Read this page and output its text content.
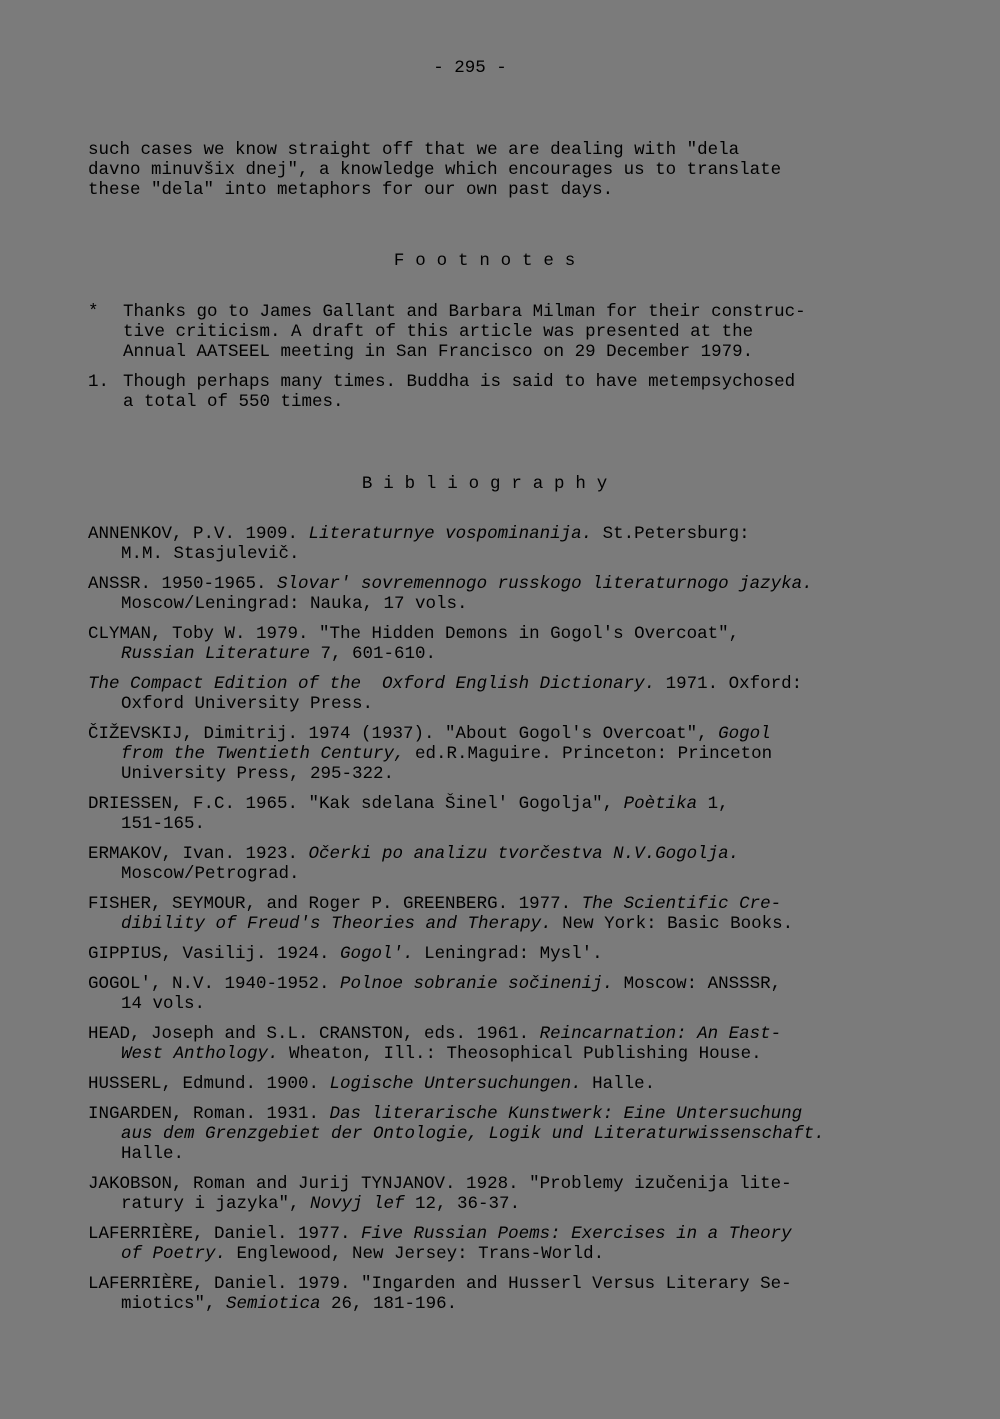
- 295 -

such cases we know straight off that we are dealing with "dela

davno minuvšix dnej", a knowledge which encourages us to translate

these "dela" into metaphors for our own past days.

Footnotes
* Thanks go to James Gallant and Barbara Milman for their construc-
tive criticism. A draft of this article was presented at the
Annual AATSEEL meeting in San Francisco on 29 December 1979.
1. Though perhaps many times. Buddha is said to have metempsychosed
a total of 550 times.
Bibliography
ANNENKOV, P.V. 1909. Literaturnye vospominanija. St.Petersburg:
M.M. Stasjulevič.
ANSSR. 1950-1965. Slovar' sovremennogo russkogo literaturnogo jazyka.
Moscow/Leningrad: Nauka, 17 vols.
CLYMAN, Toby W. 1979. "The Hidden Demons in Gogol's Overcoat",
Russian Literature 7, 601-610.
The Compact Edition of the  Oxford English Dictionary. 1971. Oxford:
Oxford University Press.
ČIŽEVSKIJ, Dimitrij. 1974 (1937). "About Gogol's Overcoat", Gogol
from the Twentieth Century, ed.R.Maguire. Princeton: Princeton
University Press, 295-322.
DRIESSEN, F.C. 1965. "Kak sdelana Šinel' Gogolja", Poètika 1,
151-165.
ERMAKOV, Ivan. 1923. Očerki po analizu tvorčestva N.V.Gogolja.
Moscow/Petrograd.
FISHER, SEYMOUR, and Roger P. GREENBERG. 1977. The Scientific Cre-
dibility of Freud's Theories and Therapy. New York: Basic Books.
GIPPIUS, Vasilij. 1924. Gogol'. Leningrad: Mysl'.
GOGOL', N.V. 1940-1952. Polnoe sobranie sočinenij. Moscow: ANSSSR,
14 vols.
HEAD, Joseph and S.L. CRANSTON, eds. 1961. Reincarnation: An East-
West Anthology. Wheaton, Ill.: Theosophical Publishing House.
HUSSERL, Edmund. 1900. Logische Untersuchungen. Halle.
INGARDEN, Roman. 1931. Das literarische Kunstwerk: Eine Untersuchung
aus dem Grenzgebiet der Ontologie, Logik und Literaturwissenschaft.
Halle.
JAKOBSON, Roman and Jurij TYNJANOV. 1928. "Problemy izučenija lite-
ratury i jazyka", Novyj lef 12, 36-37.
LAFERRIÈRE, Daniel. 1977. Five Russian Poems: Exercises in a Theory
of Poetry. Englewood, New Jersey: Trans-World.
LAFERRIÈRE, Daniel. 1979. "Ingarden and Husserl Versus Literary Se-
miotics", Semiotica 26, 181-196.
